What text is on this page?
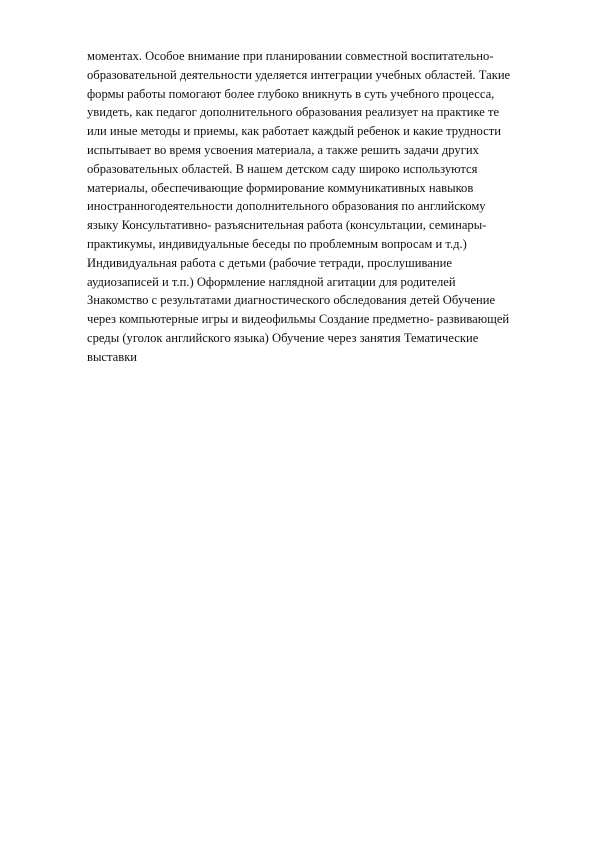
моментах. Особое внимание при планировании совместной воспитательно-
образовательной деятельности уделяется интеграции учебных областей. Такие
формы работы помогают более глубоко вникнуть в суть учебного процесса,
увидеть, как педагог дополнительного образования реализует на практике те
или иные методы и приемы, как работает каждый ребенок и какие трудности
испытывает во время усвоения материала, а также решить задачи других
образовательных областей. В нашем детском саду широко используются
материалы, обеспечивающие формирование коммуникативных навыков
иностранногодеятельности дополнительного образования по английскому
языку Консультативно- разъяснительная работа (консультации, семинары-
практикумы, индивидуальные беседы по проблемным вопросам и т.д.)
Индивидуальная работа с детьми (рабочие тетради, прослушивание
аудиозаписей и т.п.) Оформление наглядной агитации для родителей
Знакомство с результатами диагностического обследования детей Обучение
через компьютерные игры и видеофильмы Создание предметно- развивающей
среды (уголок английского языка) Обучение через занятия Тематические
выставки
